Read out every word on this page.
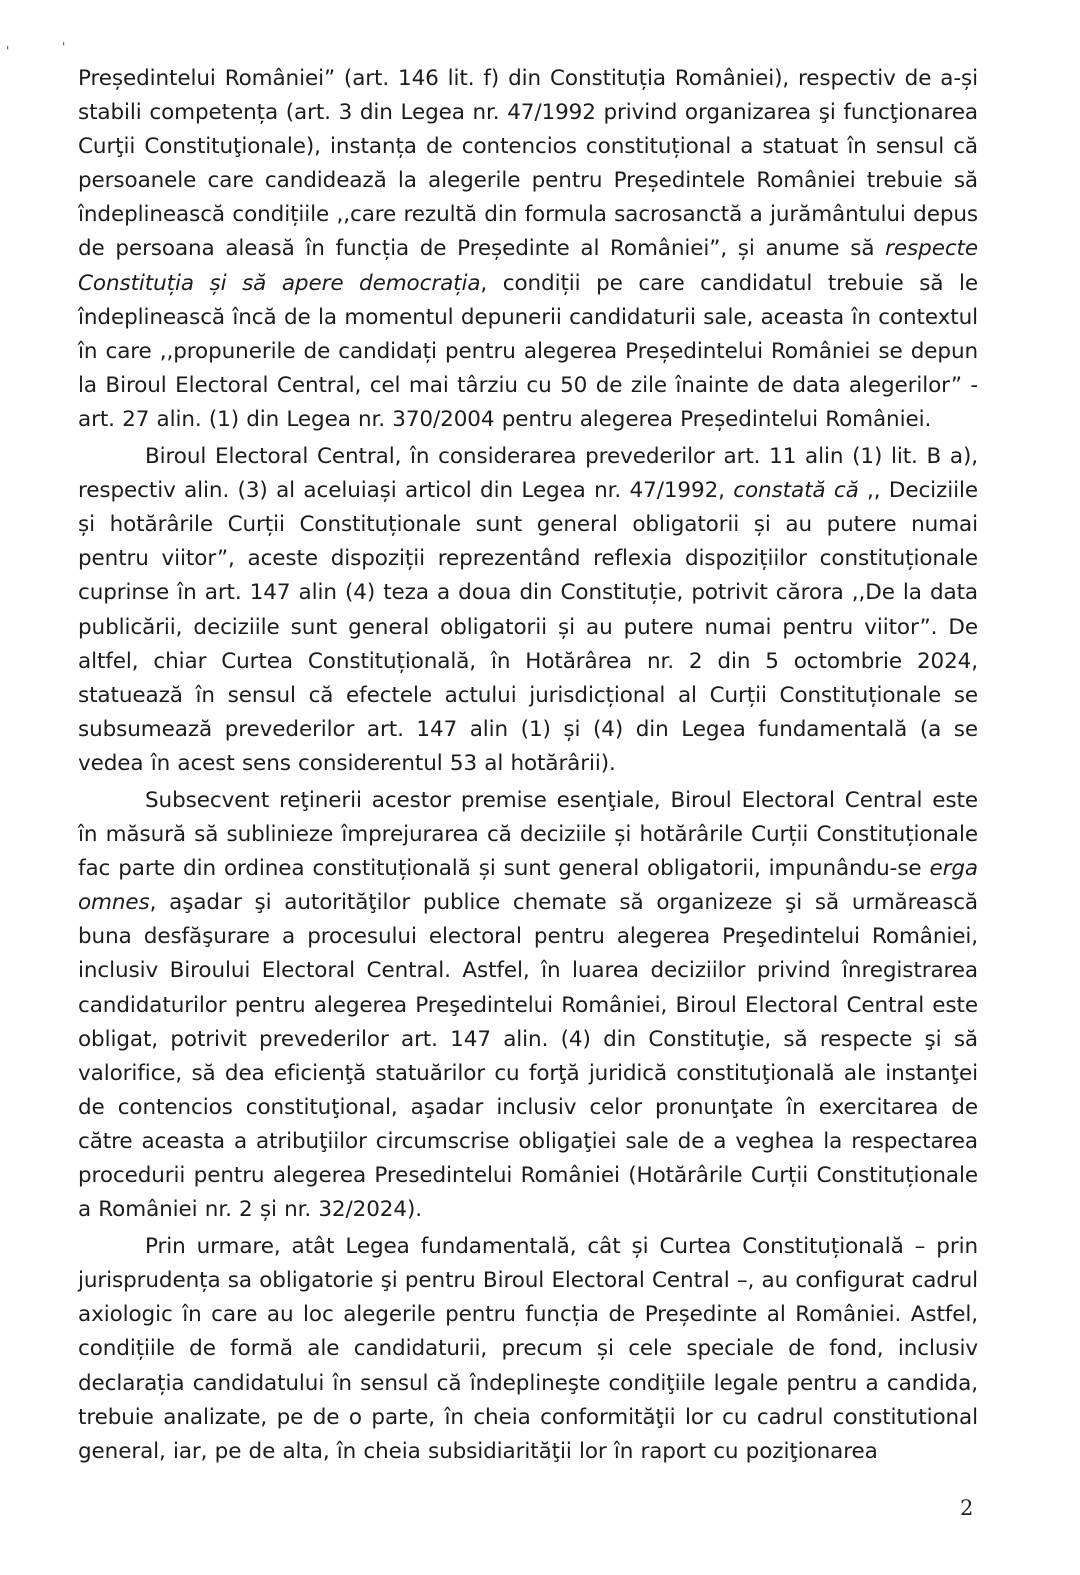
'	'

Președintelui României” (art. 146 lit. f) din Constituția României), respectiv de a-și stabili competența (art. 3 din Legea nr. 47/1992 privind organizarea şi funcţionarea Curţii Constituţionale), instanța de contencios constituțional a statuat în sensul că persoanele care candidează la alegerile pentru Președintele României trebuie să îndeplinească condițiile ,,care rezultă din formula sacrosanctă a jurământului depus de persoana aleasă în funcția de Președinte al României”, și anume să respecte Constituția și să apere democrația, condiții pe care candidatul trebuie să le îndeplinească încă de la momentul depunerii candidaturii sale, aceasta în contextul în care ,,propunerile de candidați pentru alegerea Președintelui României se depun la Biroul Electoral Central, cel mai târziu cu 50 de zile înainte de data alegerilor” - art. 27 alin. (1) din Legea nr. 370/2004 pentru alegerea Președintelui României.

Biroul Electoral Central, în considerarea prevederilor art. 11 alin (1) lit. B a), respectiv alin. (3) al aceluiași articol din Legea nr. 47/1992, constată că ,, Deciziile și hotărârile Curții Constituționale sunt general obligatorii și au putere numai pentru viitor”, aceste dispoziții reprezentând reflexia dispozițiilor constituționale cuprinse în art. 147 alin (4) teza a doua din Constituție, potrivit cărora ,,De la data publicării, deciziile sunt general obligatorii și au putere numai pentru viitor”. De altfel, chiar Curtea Constituțională, în Hotărârea nr. 2 din 5 octombrie 2024, statuează în sensul că efectele actului jurisdicțional al Curții Constituționale se subsumează prevederilor art. 147 alin (1) și (4) din Legea fundamentală (a se vedea în acest sens considerentul 53 al hotărârii).

Subsecvent reţinerii acestor premise esenţiale, Biroul Electoral Central este în măsură să sublinieze împrejurarea că deciziile și hotărârile Curții Constituționale fac parte din ordinea constituțională și sunt general obligatorii, impunându-se erga omnes, aşadar şi autorităţilor publice chemate să organizeze şi să urmărească buna desfăşurare a procesului electoral pentru alegerea Preşedintelui României, inclusiv Biroului Electoral Central. Astfel, în luarea deciziilor privind înregistrarea candidaturilor pentru alegerea Preşedintelui României, Biroul Electoral Central este obligat, potrivit prevederilor art. 147 alin. (4) din Constituţie, să respecte şi să valorifice, să dea eficienţă statuărilor cu forţă juridică constituţională ale instanţei de contencios constituţional, aşadar inclusiv celor pronunţate în exercitarea de către aceasta a atribuţiilor circumscrise obligaţiei sale de a veghea la respectarea procedurii pentru alegerea Presedintelui României (Hotărârile Curții Constituționale a României nr. 2 și nr. 32/2024).

Prin urmare, atât Legea fundamentală, cât și Curtea Constituțională – prin jurisprudența sa obligatorie şi pentru Biroul Electoral Central –, au configurat cadrul axiologic în care au loc alegerile pentru funcția de Președinte al României. Astfel, condițiile de formă ale candidaturii, precum și cele speciale de fond, inclusiv declarația candidatului în sensul că îndeplineşte condiţiile legale pentru a candida, trebuie analizate, pe de o parte, în cheia conformităţii lor cu cadrul constitutional general, iar, pe de alta, în cheia subsidiarităţii lor în raport cu poziţionarea

2
